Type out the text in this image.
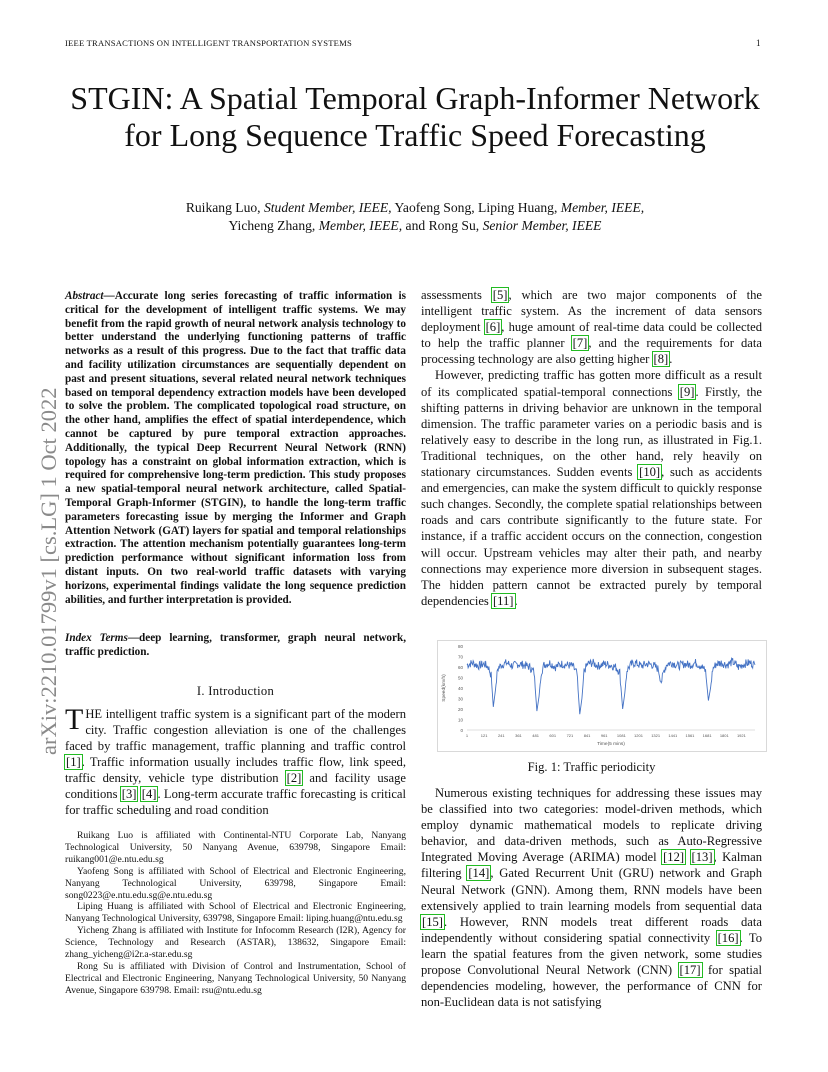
IEEE TRANSACTIONS ON INTELLIGENT TRANSPORTATION SYSTEMS	1
STGIN: A Spatial Temporal Graph-Informer Network for Long Sequence Traffic Speed Forecasting
Ruikang Luo, Student Member, IEEE, Yaofeng Song, Liping Huang, Member, IEEE,
Yicheng Zhang, Member, IEEE, and Rong Su, Senior Member, IEEE
arXiv:2210.01799v1 [cs.LG] 1 Oct 2022
Abstract—Accurate long series forecasting of traffic information is critical for the development of intelligent traffic systems. We may benefit from the rapid growth of neural network analysis technology to better understand the underlying functioning patterns of traffic networks as a result of this progress. Due to the fact that traffic data and facility utilization circumstances are sequentially dependent on past and present situations, several related neural network techniques based on temporal dependency extraction models have been developed to solve the problem. The complicated topological road structure, on the other hand, amplifies the effect of spatial interdependence, which cannot be captured by pure temporal extraction approaches. Additionally, the typical Deep Recurrent Neural Network (RNN) topology has a constraint on global information extraction, which is required for comprehensive long-term prediction. This study proposes a new spatial-temporal neural network architecture, called Spatial-Temporal Graph-Informer (STGIN), to handle the long-term traffic parameters forecasting issue by merging the Informer and Graph Attention Network (GAT) layers for spatial and temporal relationships extraction. The attention mechanism potentially guarantees long-term prediction performance without significant information loss from distant inputs. On two real-world traffic datasets with varying horizons, experimental findings validate the long sequence prediction abilities, and further interpretation is provided.
Index Terms—deep learning, transformer, graph neural network, traffic prediction.
I. Introduction
THE intelligent traffic system is a significant part of the modern city. Traffic congestion alleviation is one of the challenges faced by traffic management, traffic planning and traffic control [1]. Traffic information usually includes traffic flow, link speed, traffic density, vehicle type distribution [2] and facility usage conditions [3] [4]. Long-term accurate traffic forecasting is critical for traffic scheduling and road condition

Ruikang Luo is affiliated with Continental-NTU Corporate Lab, Nanyang Technological University, 50 Nanyang Avenue, 639798, Singapore Email: ruikang001@e.ntu.edu.sg

Yaofeng Song is affiliated with School of Electrical and Electronic Engineering, Nanyang Technological University, 639798, Singapore Email: song0223@e.ntu.edu.sg@e.ntu.edu.sg

Liping Huang is affiliated with School of Electrical and Electronic Engineering, Nanyang Technological University, 639798, Singapore Email: liping.huang@ntu.edu.sg

Yicheng Zhang is affiliated with Institute for Infocomm Research (I2R), Agency for Science, Technology and Research (ASTAR), 138632, Singapore Email: zhang_yicheng@i2r.a-star.edu.sg

Rong Su is affiliated with Division of Control and Instrumentation, School of Electrical and Electronic Engineering, Nanyang Technological University, 50 Nanyang Avenue, Singapore 639798. Email: rsu@ntu.edu.sg

assessments [5], which are two major components of the intelligent traffic system. As the increment of data sensors deployment [6], huge amount of real-time data could be collected to help the traffic planner [7], and the requirements for data processing technology are also getting higher [8].

However, predicting traffic has gotten more difficult as a result of its complicated spatial-temporal connections [9]. Firstly, the shifting patterns in driving behavior are unknown in the temporal dimension. The traffic parameter varies on a periodic basis and is relatively easy to describe in the long run, as illustrated in Fig.1. Traditional techniques, on the other hand, rely heavily on stationary circumstances. Sudden events [10], such as accidents and emergencies, can make the system difficult to quickly response such changes. Secondly, the complete spatial relationships between roads and cars contribute significantly to the future state. For instance, if a traffic accident occurs on the connection, congestion will occur. Upstream vehicles may alter their path, and nearby connections may experience more diversion in subsequent stages. The hidden pattern cannot be extracted purely by temporal dependencies [11].

0
10
20
30
40
50
60
70
80
1	121	241	361	481	601	721	841	961 1081 1201 1321 1441 1561 1681 1801 1921
Time(5 mins)
Speed(km/h)
Fig. 1: Traffic periodicity

Numerous existing techniques for addressing these issues may be classified into two categories: model-driven methods, which employ dynamic mathematical models to replicate driving behavior, and data-driven methods, such as Auto-Regressive Integrated Moving Average (ARIMA) model [12] [13], Kalman filtering [14], Gated Recurrent Unit (GRU) network and Graph Neural Network (GNN). Among them, RNN models have been extensively applied to train learning models from sequential data [15]. However, RNN models treat different roads data independently without considering spatial connectivity [16]. To learn the spatial features from the given network, some studies propose Convolutional Neural Network (CNN) [17] for spatial dependencies modeling, however, the performance of CNN for non-Euclidean data is not satisfying
